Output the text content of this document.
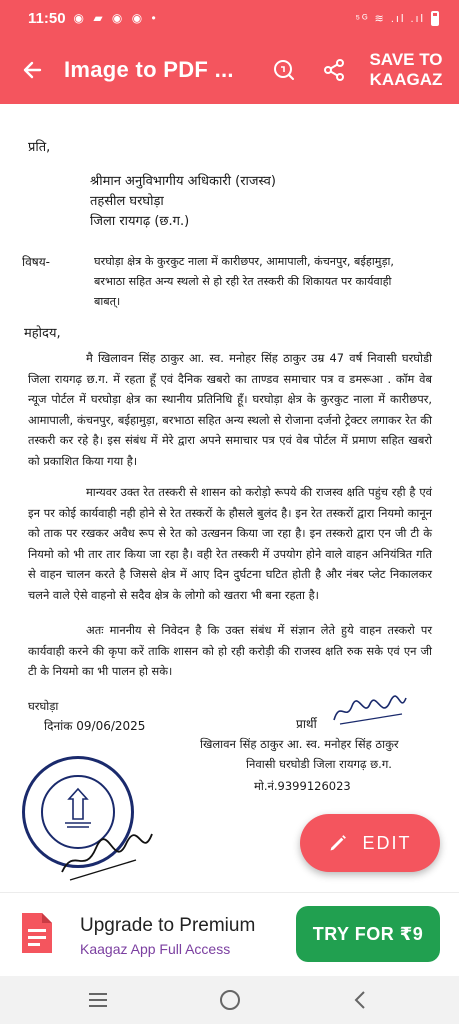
11:50 ◉ ▰ ◉ ◉ •	⁵ᴳ ≋ .ıl .ıl
Image to PDF ...	SAVE TO
KAAGAZ
प्रति,
श्रीमान अनुविभागीय अधिकारी (राजस्व)
तहसील घरघोड़ा
जिला रायगढ़ (छ.ग.)
विषय-	घरघोड़ा क्षेत्र के कुरकुट नाला में कारीछपर, आमापाली, कंचनपुर, बईहामुड़ा,
बरभाठा सहित अन्य स्थलो से हो रही रेत तस्करी की शिकायत पर कार्यवाही
बाबत्।
महोदय,
मै खिलावन सिंह ठाकुर आ. स्व. मनोहर सिंह ठाकुर उम्र 47 वर्ष निवासी घरघोडी जिला रायगढ़ छ.ग. में रहता हूँ एवं दैनिक खबरो का ताण्डव समाचार पत्र व डमरूआ . कॉम वेब न्यूज पोर्टल में घरघोड़ा क्षेत्र का स्थानीय प्रतिनिधि हूँ। घरघोड़ा क्षेत्र के कुरकुट नाला में कारीछपर, आमापाली, कंचनपुर, बईहामुड़ा, बरभाठा सहित अन्य स्थलो से रोजाना दर्जनो ट्रेक्टर लगाकर रेत की तस्करी कर रहे है। इस संबंध में मेरे द्वारा अपने समाचार पत्र एवं वेब पोर्टल में प्रमाण सहित खबरो को प्रकाशित किया गया है।
मान्यवर उक्त रेत तस्करी से शासन को करोड़ो रूपये की राजस्व क्षति पहुंच रही है एवं इन पर कोई कार्यवाही नही होने से रेत तस्करों के हौसले बुलंद है। इन रेत तस्करों द्वारा नियमो कानून को ताक पर रखकर अवैध रूप से रेत को उत्खनन किया जा रहा है। इन तस्करो द्वारा एन जी टी के नियमो को भी तार तार किया जा रहा है। वही रेत तस्करी में उपयोग होने वाले वाहन अनियंत्रित गति से वाहन चालन करते है जिससे क्षेत्र में आए दिन दुर्घटना घटित होती है और नंबर प्लेट निकालकर चलने वाले ऐसे वाहनो से सदैव क्षेत्र के लोगो को खतरा भी बना रहता है।
अतः माननीय से निवेदन है कि उक्त संबंध में संज्ञान लेते हुये वाहन तस्करो पर कार्यवाही करने की कृपा करें ताकि शासन को हो रही करोड़ी की राजस्व क्षति रुक सके एवं एन जी टी के नियमो का भी पालन हो सके।
घरघोड़ा
दिनांक 09/06/2025	प्रार्थी
खिलावन सिंह ठाकुर आ. स्व. मनोहर सिंह ठाकुर
निवासी घरघोडी जिला रायगढ़ छ.ग.
मो.नं.9399126023
EDIT
Upgrade to Premium
Kaagaz App Full Access
TRY FOR ₹9
